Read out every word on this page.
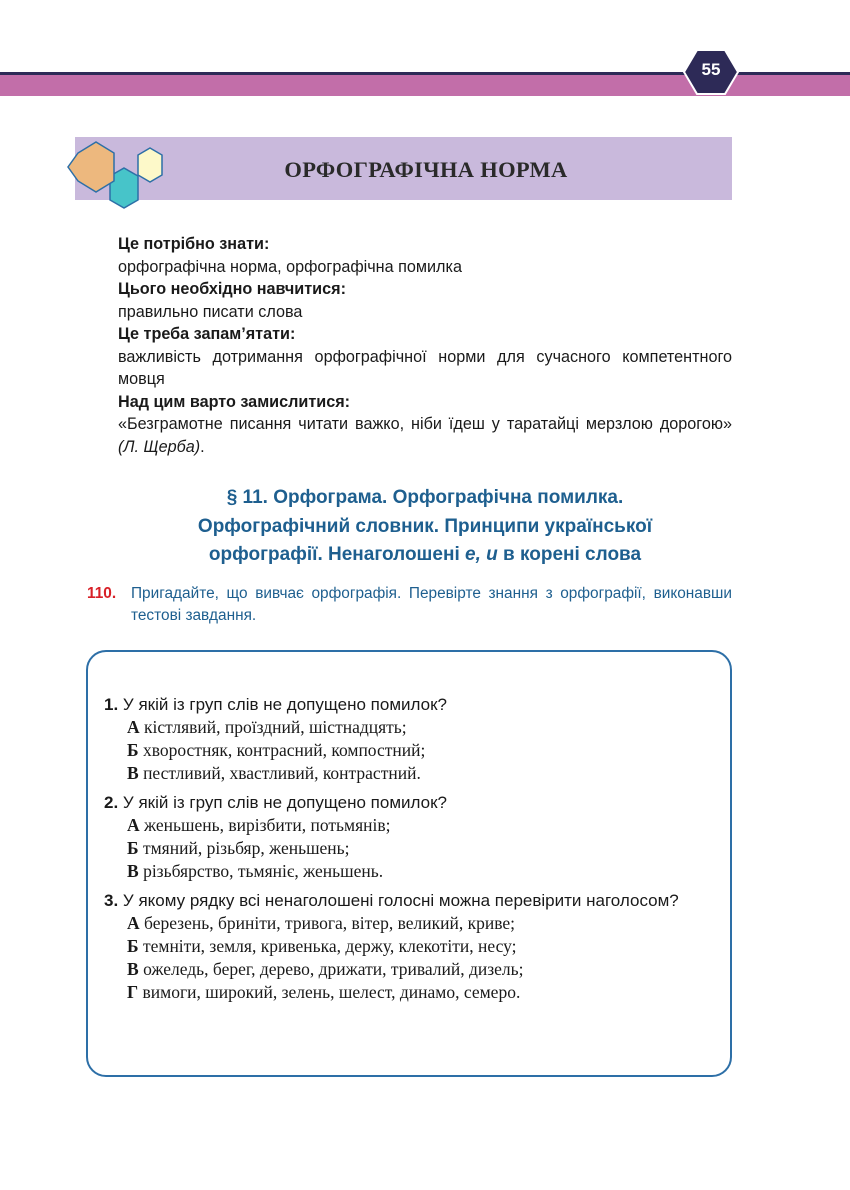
55
ОРФОГРАФІЧНА НОРМА
Це потрібно знати:
орфографічна норма, орфографічна помилка
Цього необхідно навчитися:
правильно писати слова
Це треба запам’ятати:
важливість дотримання орфографічної норми для сучасного компетентного мовця
Над цим варто замислитися:
«Безграмотне писання читати важко, ніби їдеш у таратайці мерзлою дорогою» (Л. Щерба).
§ 11. Орфограма. Орфографічна помилка.
Орфографічний словник. Принципи української
орфографії. Ненаголошені е, и в корені слова
110. Пригадайте, що вивчає орфографія. Перевірте знання з орфографії, виконавши тестові завдання.
1. У якій із груп слів не допущено помилок?
А кістлявий, проїздний, шістнадцять;
Б хворостняк, контрасний, компостний;
В пестливий, хвастливий, контрастний.
2. У якій із груп слів не допущено помилок?
А женьшень, вирізбити, потьмянів;
Б тмяний, різьбяр, женьшень;
В різьбярство, тьмяніє, женьшень.
3. У якому рядку всі ненаголошені голосні можна перевірити наголосом?
А березень, бриніти, тривога, вітер, великий, криве;
Б темніти, земля, кривенька, держу, клекотіти, несу;
В ожеледь, берег, дерево, дрижати, тривалий, дизель;
Г вимоги, широкий, зелень, шелест, динамо, семеро.
